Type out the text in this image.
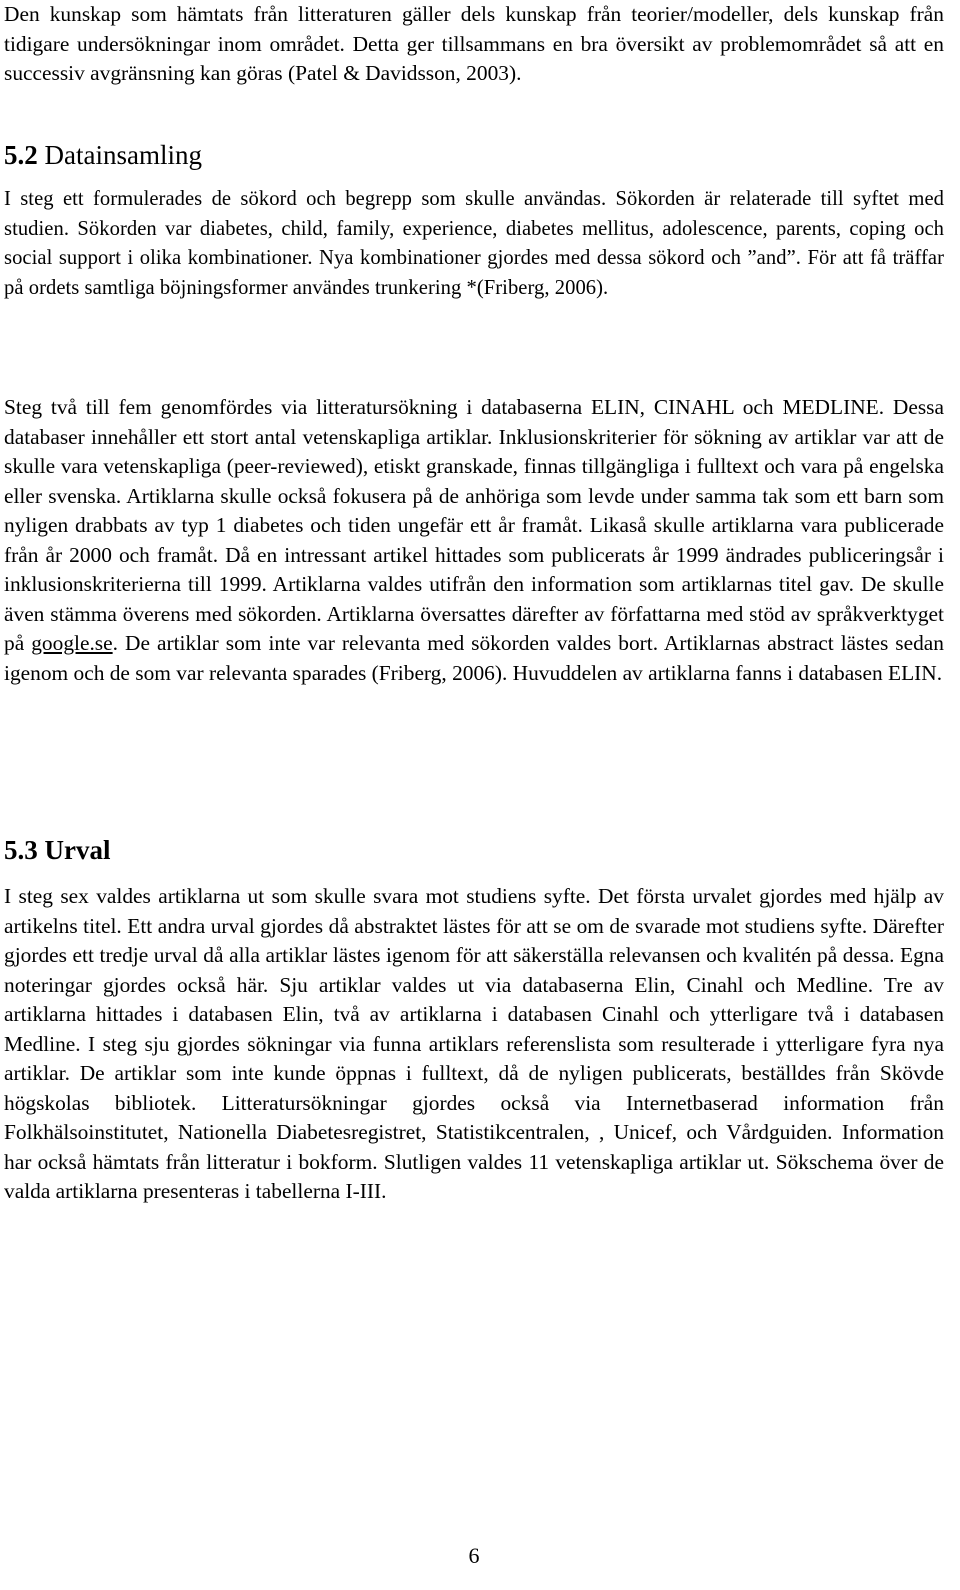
Den kunskap som hämtats från litteraturen gäller dels kunskap från teorier/modeller, dels kunskap från tidigare undersökningar inom området. Detta ger tillsammans en bra översikt av problemområdet så att en successiv avgränsning kan göras (Patel & Davidsson, 2003).

5.2 Datainsamling

I steg ett formulerades de sökord och begrepp som skulle användas. Sökorden är relaterade till syftet med studien. Sökorden var diabetes, child, family, experience, diabetes mellitus, adolescence, parents, coping och social support i olika kombinationer. Nya kombinationer gjordes med dessa sökord och ”and”. För att få träffar på ordets samtliga böjningsformer användes trunkering *(Friberg, 2006).

Steg två till fem genomfördes via litteratursökning i databaserna ELIN, CINAHL och MEDLINE. Dessa databaser innehåller ett stort antal vetenskapliga artiklar. Inklusionskriterier för sökning av artiklar var att de skulle vara vetenskapliga (peer-reviewed), etiskt granskade, finnas tillgängliga i fulltext och vara på engelska eller svenska. Artiklarna skulle också fokusera på de anhöriga som levde under samma tak som ett barn som nyligen drabbats av typ 1 diabetes och tiden ungefär ett år framåt. Likaså skulle artiklarna vara publicerade från år 2000 och framåt. Då en intressant artikel hittades som publicerats år 1999 ändrades publiceringsår i inklusionskriterierna till 1999. Artiklarna valdes utifrån den information som artiklarnas titel gav. De skulle även stämma överens med sökorden. Artiklarna översattes därefter av författarna med stöd av språkverktyget på google.se. De artiklar som inte var relevanta med sökorden valdes bort. Artiklarnas abstract lästes sedan igenom och de som var relevanta sparades (Friberg, 2006). Huvuddelen av artiklarna fanns i databasen ELIN.

5.3 Urval

I steg sex valdes artiklarna ut som skulle svara mot studiens syfte. Det första urvalet gjordes med hjälp av artikelns titel. Ett andra urval gjordes då abstraktet lästes för att se om de svarade mot studiens syfte. Därefter gjordes ett tredje urval då alla artiklar lästes igenom för att säkerställa relevansen och kvalitén på dessa. Egna noteringar gjordes också här. Sju artiklar valdes ut via databaserna Elin, Cinahl och Medline. Tre av artiklarna hittades i databasen Elin, två av artiklarna i databasen Cinahl och ytterligare två i databasen Medline. I steg sju gjordes sökningar via funna artiklars referenslista som resulterade i ytterligare fyra nya artiklar. De artiklar som inte kunde öppnas i fulltext, då de nyligen publicerats, beställdes från Skövde högskolas bibliotek. Litteratursökningar gjordes också via Internetbaserad information från Folkhälsoinstitutet, Nationella Diabetesregistret, Statistikcentralen, , Unicef, och Vårdguiden. Information har också hämtats från litteratur i bokform. Slutligen valdes 11 vetenskapliga artiklar ut. Sökschema över de valda artiklarna presenteras i tabellerna I-III.

6
